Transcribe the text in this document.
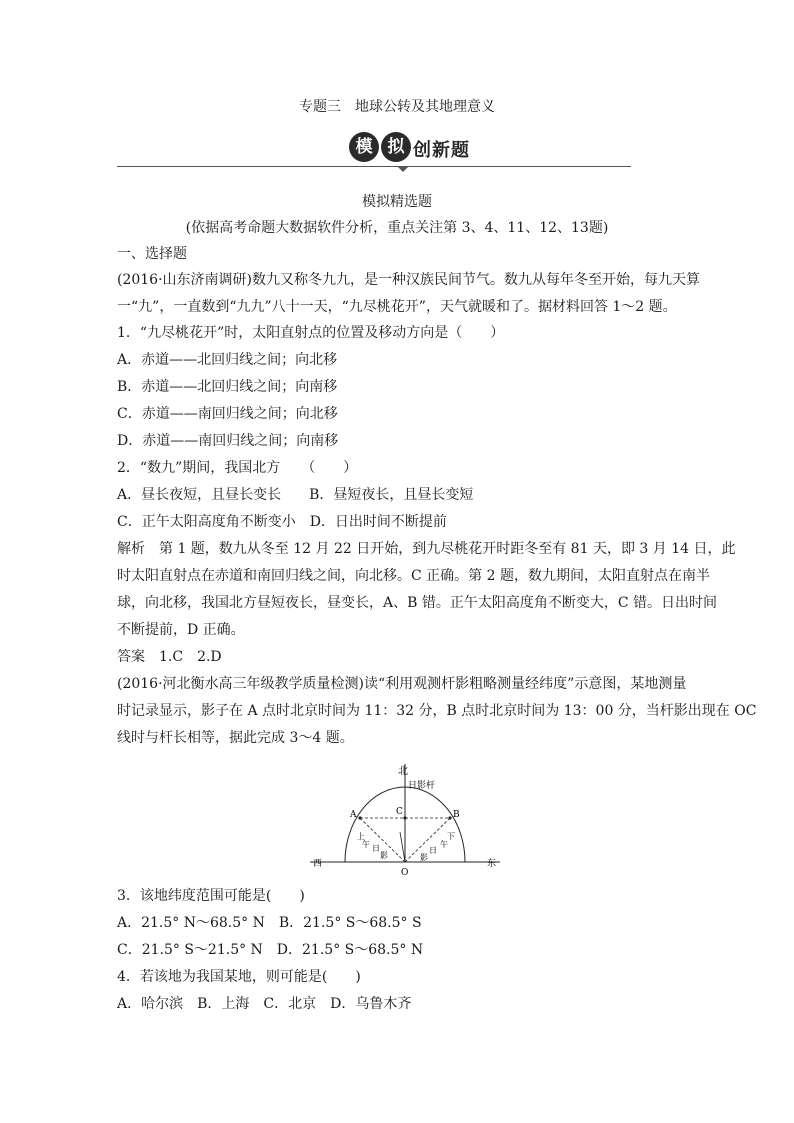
专题三　地球公转及其地理意义
模 拟 创新题
模拟精选题
(依据高考命题大数据软件分析，重点关注第 3、4、11、12、13题)
一、选择题
(2016·山东济南调研)数九又称冬九九，是一种汉族民间节气。数九从每年冬至开始，每九天算
一“九”，一直数到“九九”八十一天，“九尽桃花开”，天气就暖和了。据材料回答 1～2 题。
1．“九尽桃花开”时，太阳直射点的位置及移动方向是（　　）
A．赤道——北回归线之间；向北移
B．赤道——北回归线之间；向南移
C．赤道——南回归线之间；向北移
D．赤道——南回归线之间；向南移
2．“数九”期间，我国北方　　（　　）
A．昼长夜短，且昼长变长　　B．昼短夜长，且昼长变短
C．正午太阳高度角不断变小　D．日出时间不断提前
解析　第 1 题，数九从冬至 12 月 22 日开始，到九尽桃花开时距冬至有 81 天，即 3 月 14 日，此
时太阳直射点在赤道和南回归线之间，向北移。C 正确。第 2 题，数九期间，太阳直射点在南半
球，向北移，我国北方昼短夜长，昼变长，A、B 错。正午太阳高度角不断变大，C 错。日出时间
不断提前，D 正确。
答案　1.C　2.D
(2016·河北衡水高三年级教学质量检测)读“利用观测杆影粗略测量经纬度”示意图，某地测量
时记录显示，影子在 A 点时北京时间为 11：32 分，B 点时北京时间为 13：00 分，当杆影出现在 OC
线时与杆长相等，据此完成 3～4 题。
北
日影杆
A	B
C
O
西	东
上
午 日
影
下
午
日
影
3．该地纬度范围可能是(　　)
A．21.5° N～68.5° N　B．21.5° S～68.5° S
C．21.5° S～21.5° N　D．21.5° S～68.5° N
4．若该地为我国某地，则可能是(　　)
A．哈尔滨　B．上海　C．北京　D．乌鲁木齐
